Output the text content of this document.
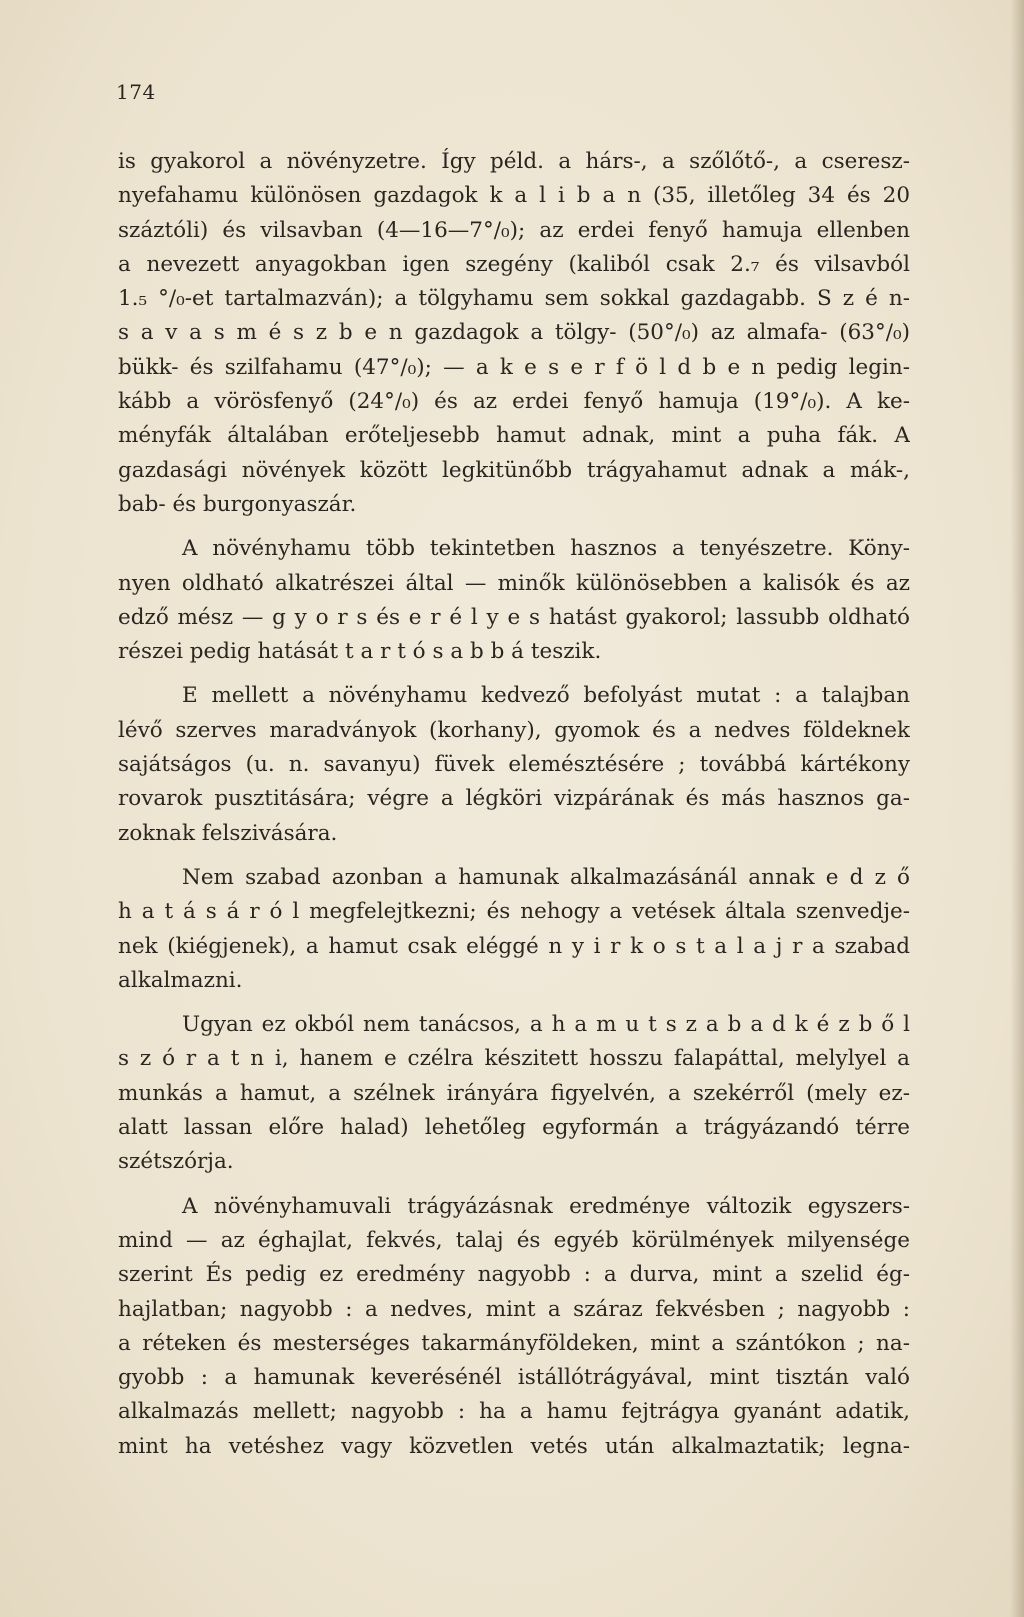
174
is gyakorol a növényzetre. Így péld. a hárs-, a szőlőtő-, a cseresz-
nyefahamu különösen gazdagok k a l i b a n (35, illetőleg 34 és 20
száztóli) és vilsavban (4—16—7°/₀); az erdei fenyő hamuja ellenben
a nevezett anyagokban igen szegény (kaliból csak 2.₇ és vilsavból
1.₅ °/₀-et tartalmazván); a tölgyhamu sem sokkal gazdagabb. S z é n-
s a v a s m é s z b e n gazdagok a tölgy- (50°/₀) az almafa- (63°/₀)
bükk- és szilfahamu (47°/₀); — a k e s e r f ö l d b e n pedig legin-
kább a vörösfenyő (24°/₀) és az erdei fenyő hamuja (19°/₀). A ke-
ményfák általában erőteljesebb hamut adnak, mint a puha fák. A
gazdasági növények között legkitünőbb trágyahamut adnak a mák-,
bab- és burgonyaszár.
A növényhamu több tekintetben hasznos a tenyészetre. Köny-
nyen oldható alkatrészei által — minők különösebben a kalisók és az
edző mész — g y o r s és e r é l y e s hatást gyakorol; lassubb oldható
részei pedig hatását t a r t ó s a b b á teszik.
E mellett a növényhamu kedvező befolyást mutat : a talajban
lévő szerves maradványok (korhany), gyomok és a nedves földeknek
sajátságos (u. n. savanyu) füvek elemésztésére ; továbbá kártékony
rovarok pusztitására; végre a légköri vizpárának és más hasznos ga-
zoknak felszivására.
Nem szabad azonban a hamunak alkalmazásánál annak e d z ő
h a t á s á r ó l megfelejtkezni; és nehogy a vetések általa szenvedje-
nek (kiégjenek), a hamut csak eléggé n y i r k o s t a l a j r a szabad
alkalmazni.
Ugyan ez okból nem tanácsos, a h a m u t s z a b a d k é z b ő l
s z ó r a t n i, hanem e czélra készitett hosszu falapáttal, melylyel a
munkás a hamut, a szélnek irányára figyelvén, a szekérről (mely ez-
alatt lassan előre halad) lehetőleg egyformán a trágyázandó térre
szétszórja.
A növényhamuvali trágyázásnak eredménye változik egyszers-
mind — az éghajlat, fekvés, talaj és egyéb körülmények milyensége
szerint És pedig ez eredmény nagyobb : a durva, mint a szelid ég-
hajlatban; nagyobb : a nedves, mint a száraz fekvésben ; nagyobb :
a réteken és mesterséges takarmányföldeken, mint a szántókon ; na-
gyobb : a hamunak keverésénél istállótrágyával, mint tisztán való
alkalmazás mellett; nagyobb : ha a hamu fejtrágya gyanánt adatik,
mint ha vetéshez vagy közvetlen vetés után alkalmaztatik; legna-
